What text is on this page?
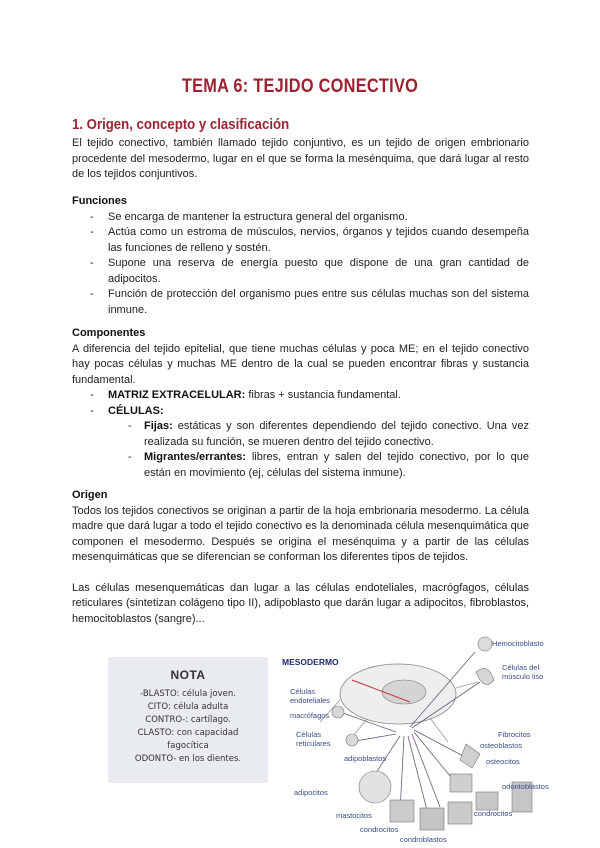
TEMA 6: TEJIDO CONECTIVO
1. Origen, concepto y clasificación
El tejido conectivo, también llamado tejido conjuntivo, es un tejido de origen embrionario procedente del mesodermo, lugar en el que se forma la mesénquima, que dará lugar al resto de los tejidos conjuntivos.
Funciones
- Se encarga de mantener la estructura general del organismo.
- Actúa como un estroma de músculos, nervios, órganos y tejidos cuando desempeña las funciones de relleno y sostén.
- Supone una reserva de energía puesto que dispone de una gran cantidad de adipocitos.
- Función de protección del organismo pues entre sus células muchas son del sistema inmune.
Componentes
A diferencia del tejido epitelial, que tiene muchas células y poca ME; en el tejido conectivo hay pocas células y muchas ME dentro de la cual se pueden encontrar fibras y sustancia fundamental.
- MATRIZ EXTRACELULAR: fibras + sustancia fundamental.
- CÉLULAS:
- Fijas: estáticas y son diferentes dependiendo del tejido conectivo. Una vez realizada su función, se mueren dentro del tejido conectivo.
- Migrantes/errantes: libres, entran y salen del tejido conectivo, por lo que están en movimiento (ej, células del sistema inmune).
Origen
Todos los tejidos conectivos se originan a partir de la hoja embrionaria mesodermo. La célula madre que dará lugar a todo el tejido conectivo es la denominada célula mesenquimática que componen el mesodermo. Después se origina el mesénquima y a partir de las células mesenquimáticas que se diferencian se conforman los diferentes tipos de tejidos.
Las células mesenquemáticas dan lugar a las células endoteliales, macrógfagos, células reticulares (sintetizan colágeno tipo II), adipoblasto que darán lugar a adipocitos, fibroblastos, hemocitoblastos (sangre)...
NOTA
-BLASTO: célula joven.
CITO: célula adulta
CONTRO-: cartílago.
CLASTO: con capacidad
fagocítica
ODONTO- en los dientes.
MESODERMO
Hemocitoblasto
Células del músculo liso
Células endoteliales
macrófagos
Fibrocitos
Células reticulares
adipoblastos
osteoblastos
osteocitos
odontoblastos
adipocitos
mastocitos
condrocitos
condroblastos
condrocitos
